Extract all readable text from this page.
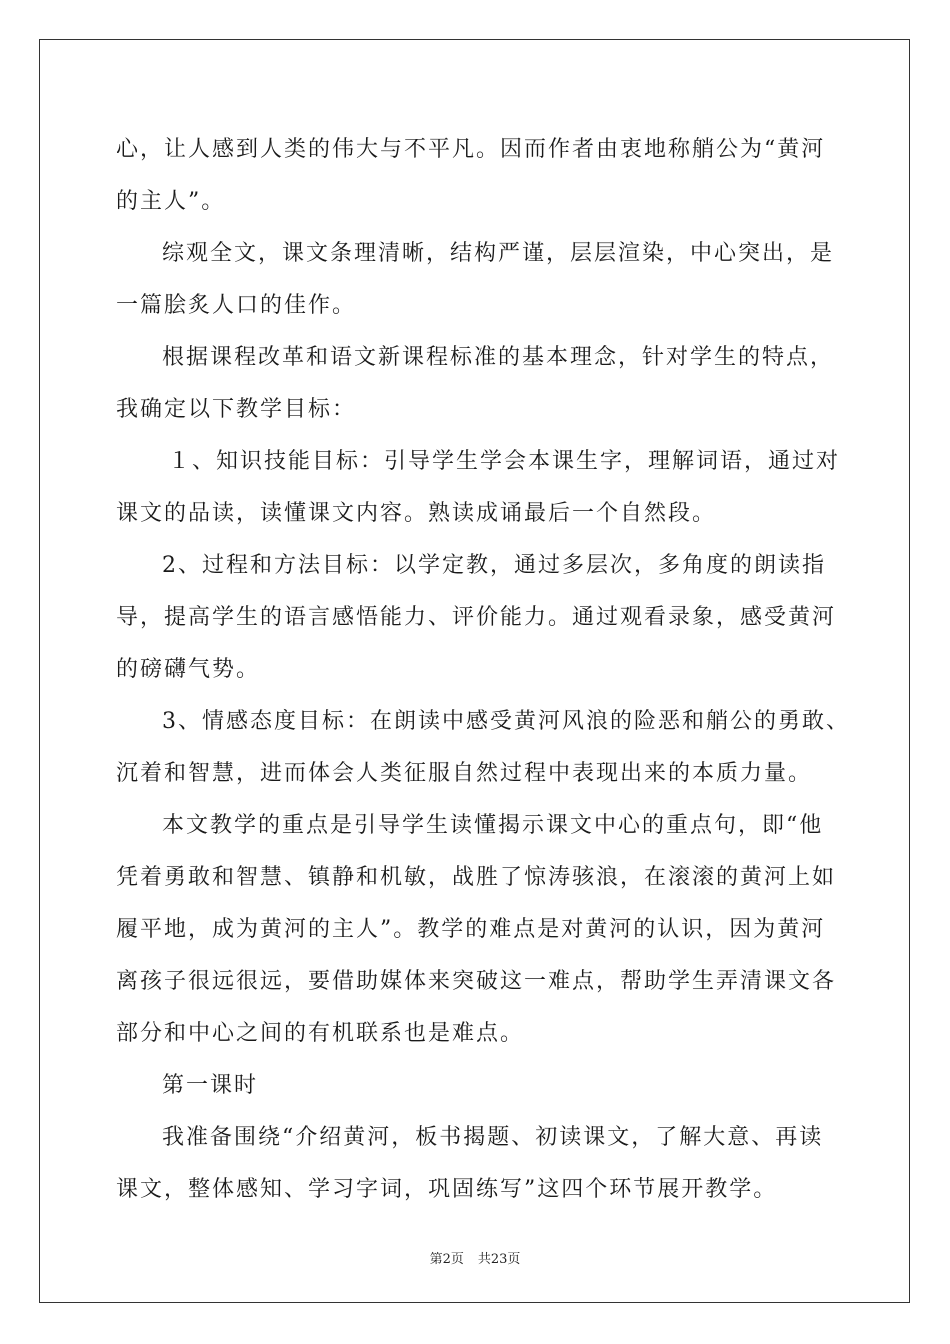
心，让人感到人类的伟大与不平凡。因而作者由衷地称艄公为“黄河
的主人”。
综观全文，课文条理清晰，结构严谨，层层渲染，中心突出，是
一篇脍炙人口的佳作。
根据课程改革和语文新课程标准的基本理念，针对学生的特点，
我确定以下教学目标：
１、知识技能目标：引导学生学会本课生字，理解词语，通过对
课文的品读，读懂课文内容。熟读成诵最后一个自然段。
2、过程和方法目标：以学定教，通过多层次，多角度的朗读指
导，提高学生的语言感悟能力、评价能力。通过观看录象，感受黄河
的磅礴气势。
3、情感态度目标：在朗读中感受黄河风浪的险恶和艄公的勇敢、
沉着和智慧，进而体会人类征服自然过程中表现出来的本质力量。
本文教学的重点是引导学生读懂揭示课文中心的重点句，即“他
凭着勇敢和智慧、镇静和机敏，战胜了惊涛骇浪，在滚滚的黄河上如
履平地，成为黄河的主人”。教学的难点是对黄河的认识，因为黄河
离孩子很远很远，要借助媒体来突破这一难点，帮助学生弄清课文各
部分和中心之间的有机联系也是难点。
第一课时
我准备围绕“介绍黄河，板书揭题、初读课文，了解大意、再读
课文，整体感知、学习字词，巩固练写”这四个环节展开教学。
第2页 共23页
